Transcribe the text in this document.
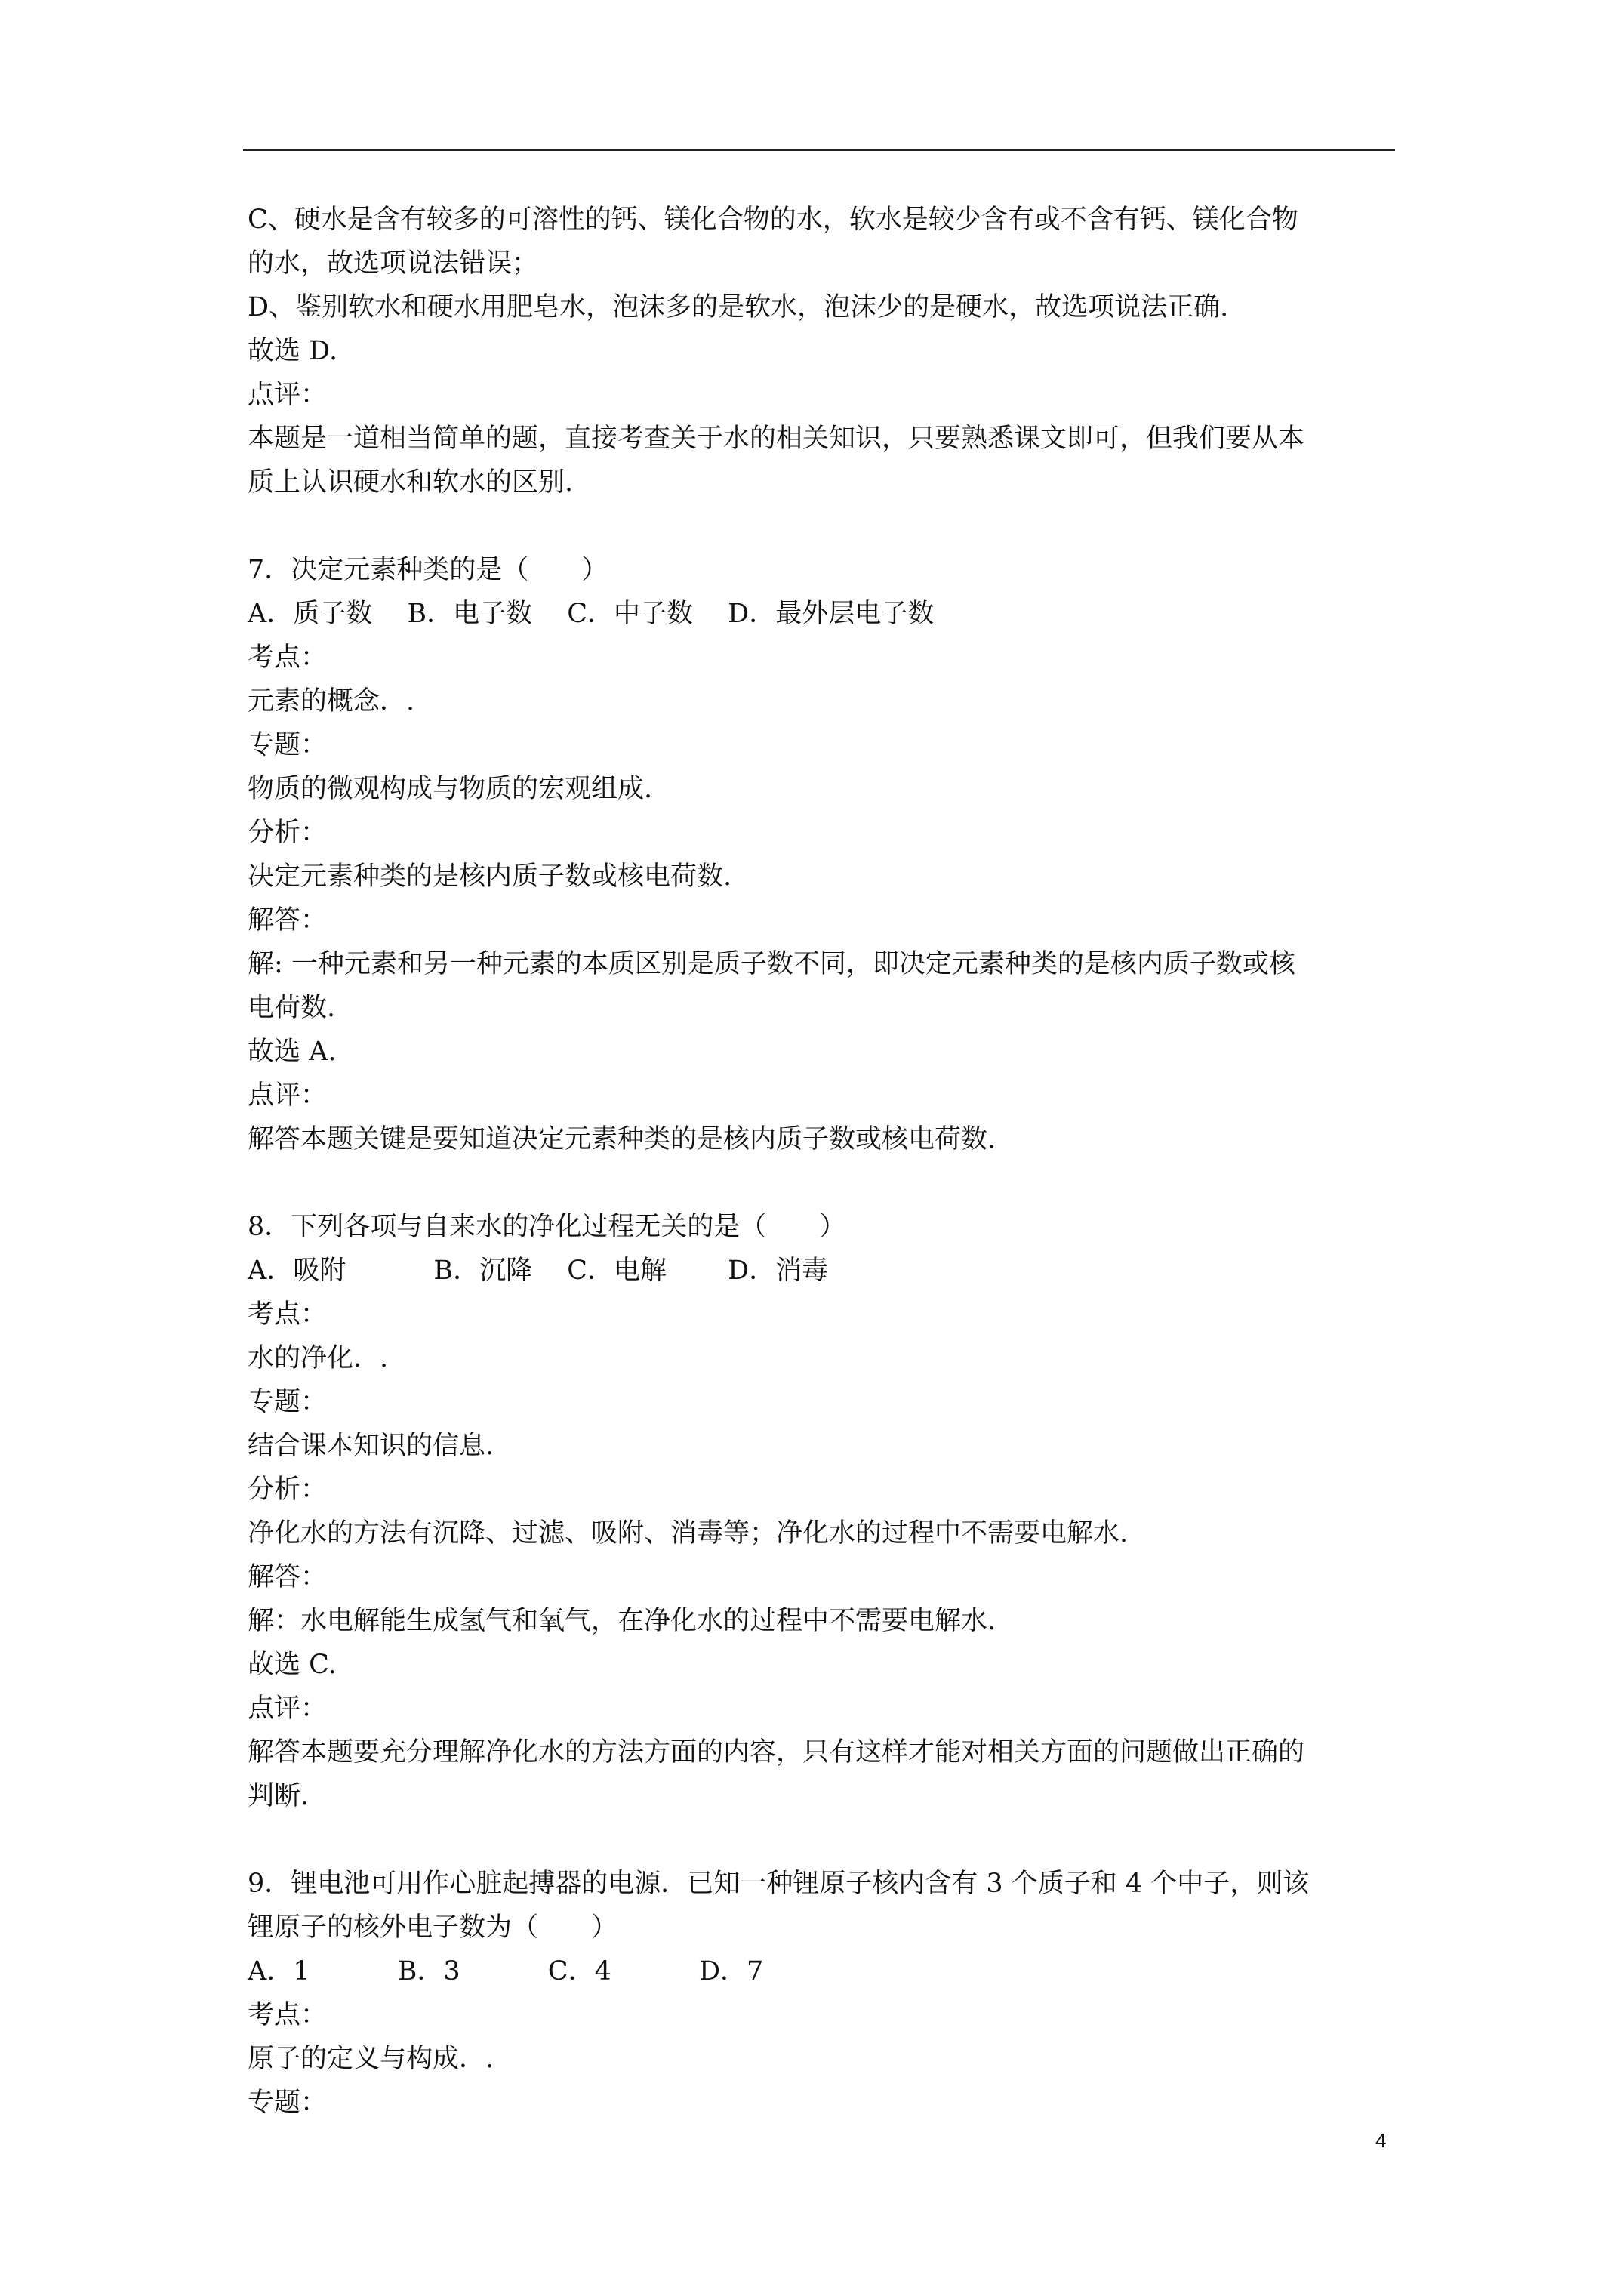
C、硬水是含有较多的可溶性的钙、镁化合物的水，软水是较少含有或不含有钙、镁化合物
的水，故选项说法错误；
D、鉴别软水和硬水用肥皂水，泡沫多的是软水，泡沫少的是硬水，故选项说法正确.
故选 D.
点评：
本题是一道相当简单的题，直接考查关于水的相关知识，只要熟悉课文即可，但我们要从本
质上认识硬水和软水的区别.
7．决定元素种类的是（　　）
A．质子数　 B．电子数　 C．中子数　 D．最外层电子数
考点：
元素的概念．.
专题：
物质的微观构成与物质的宏观组成.
分析：
决定元素种类的是核内质子数或核电荷数.
解答：
解: 一种元素和另一种元素的本质区别是质子数不同，即决定元素种类的是核内质子数或核
电荷数.
故选 A.
点评：
解答本题关键是要知道决定元素种类的是核内质子数或核电荷数.
8．下列各项与自来水的净化过程无关的是（　　）
A．吸附　　　 B．沉降　 C．电解　　 D．消毒
考点：
水的净化．.
专题：
结合课本知识的信息.
分析：
净化水的方法有沉降、过滤、吸附、消毒等；净化水的过程中不需要电解水.
解答：
解：水电解能生成氢气和氧气，在净化水的过程中不需要电解水.
故选 C.
点评：
解答本题要充分理解净化水的方法方面的内容，只有这样才能对相关方面的问题做出正确的
判断.
9．锂电池可用作心脏起搏器的电源．已知一种锂原子核内含有 3 个质子和 4 个中子，则该
锂原子的核外电子数为（　　）
A．1　　　 B．3　　　 C．4　　　 D．7
考点：
原子的定义与构成．.
专题：
4
